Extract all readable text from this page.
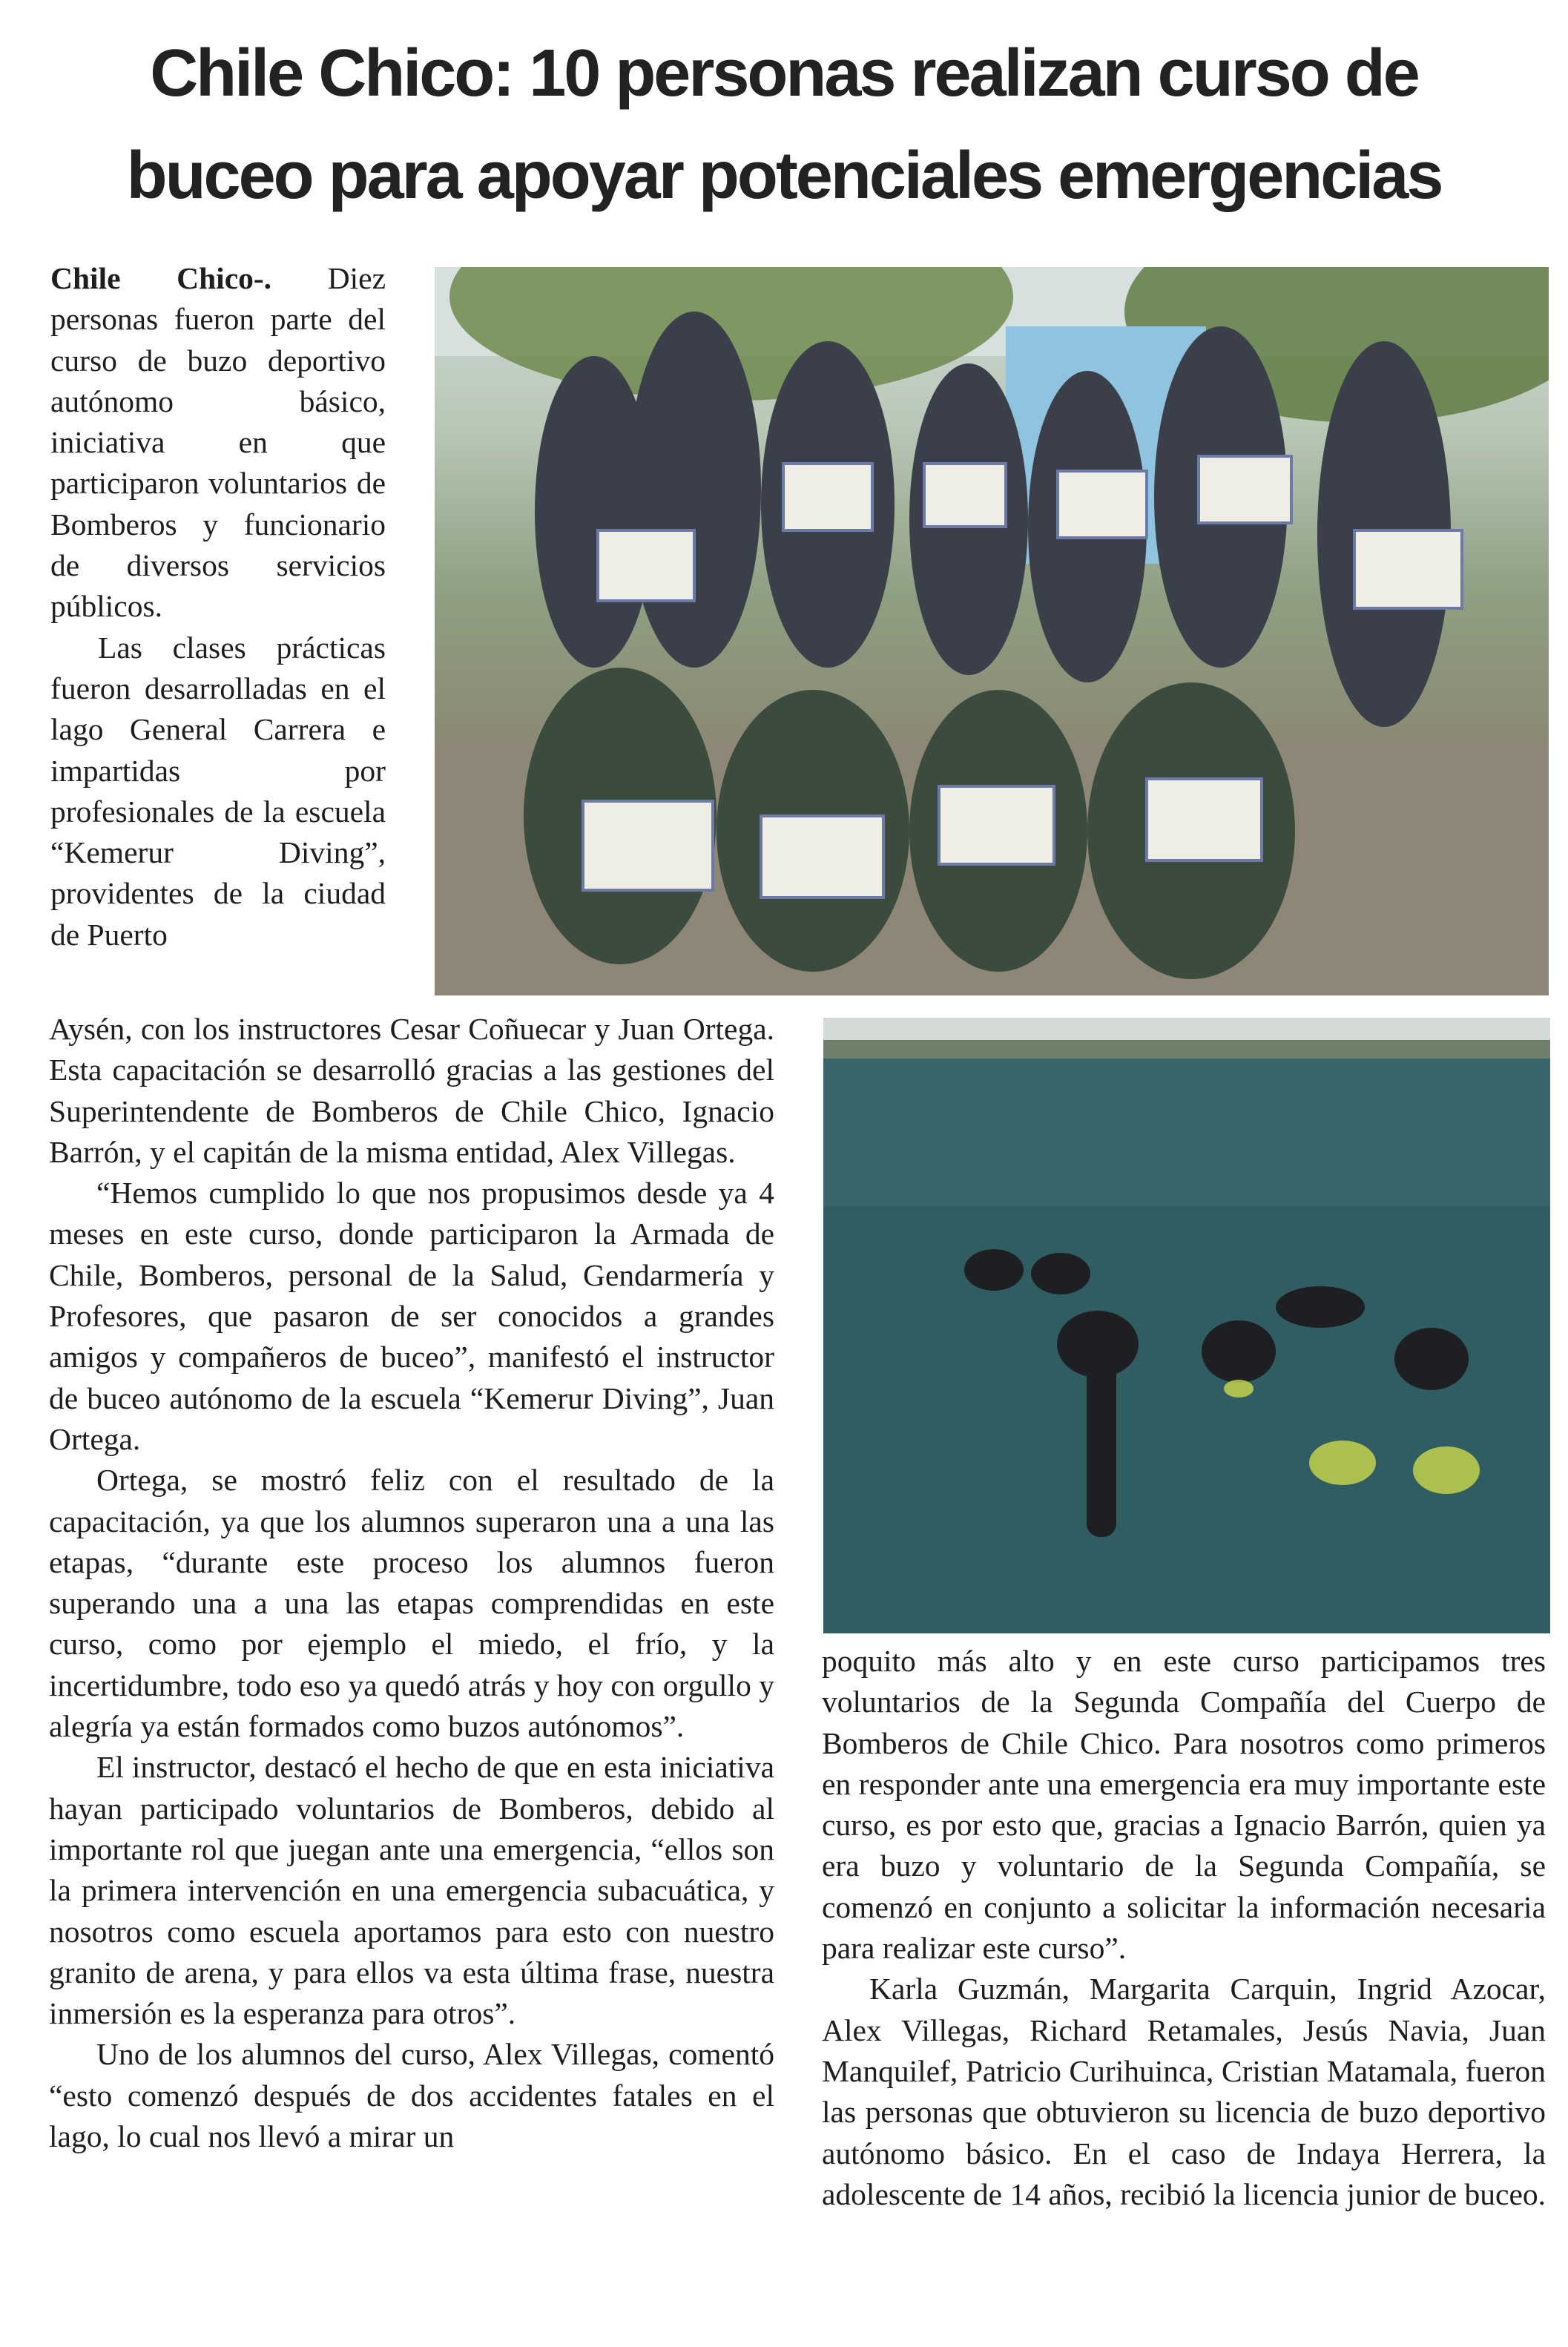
Chile Chico: 10 personas realizan curso de
buceo para apoyar potenciales emergencias

Chile Chico-. Diez personas fueron parte del curso de buzo deportivo autónomo básico, iniciativa en que participaron voluntarios de Bomberos y funcionario de diversos servicios públicos.

Las clases prácticas fueron desarrolladas en el lago General Carrera e impartidas por profesionales de la escuela “Kemerur Diving”, providentes de la ciudad de Puerto

Aysén, con los instructores Cesar Coñuecar y Juan Ortega. Esta capacitación se desarrolló gracias a las gestiones del Superintendente de Bomberos de Chile Chico, Ignacio Barrón, y el capitán de la misma entidad, Alex Villegas.

“Hemos cumplido lo que nos propusimos desde ya 4 meses en este curso, donde participaron la Armada de Chile, Bomberos, personal de la Salud, Gendarmería y Profesores, que pasaron de ser conocidos a grandes amigos y compañeros de buceo”, manifestó el instructor de buceo autónomo de la escuela “Kemerur Diving”, Juan Ortega.

Ortega, se mostró feliz con el resultado de la capacitación, ya que los alumnos superaron una a una las etapas, “durante este proceso los alumnos fueron superando una a una las etapas comprendidas en este curso, como por ejemplo el miedo, el frío, y la incertidumbre, todo eso ya quedó atrás y hoy con orgullo y alegría ya están formados como buzos autónomos”.

El instructor, destacó el hecho de que en esta iniciativa hayan participado voluntarios de Bomberos, debido al importante rol que juegan ante una emergencia, “ellos son la primera intervención en una emergencia subacuática, y nosotros como escuela aportamos para esto con nuestro granito de arena, y para ellos va esta última frase, nuestra inmersión es la esperanza para otros”.

Uno de los alumnos del curso, Alex Villegas, comentó “esto comenzó después de dos accidentes fatales en el lago, lo cual nos llevó a mirar un

poquito más alto y en este curso participamos tres voluntarios de la Segunda Compañía del Cuerpo de Bomberos de Chile Chico. Para nosotros como primeros en responder ante una emergencia era muy importante este curso, es por esto que, gracias a Ignacio Barrón, quien ya era buzo y voluntario de la Segunda Compañía, se comenzó en conjunto a solicitar la información necesaria para realizar este curso”.

Karla Guzmán, Margarita Carquin, Ingrid Azocar, Alex Villegas, Richard Retamales, Jesús Navia, Juan Manquilef, Patricio Curihuinca, Cristian Matamala, fueron las personas que obtuvieron su licencia de buzo deportivo autónomo básico. En el caso de Indaya Herrera, la adolescente de 14 años, recibió la licencia junior de buceo.
